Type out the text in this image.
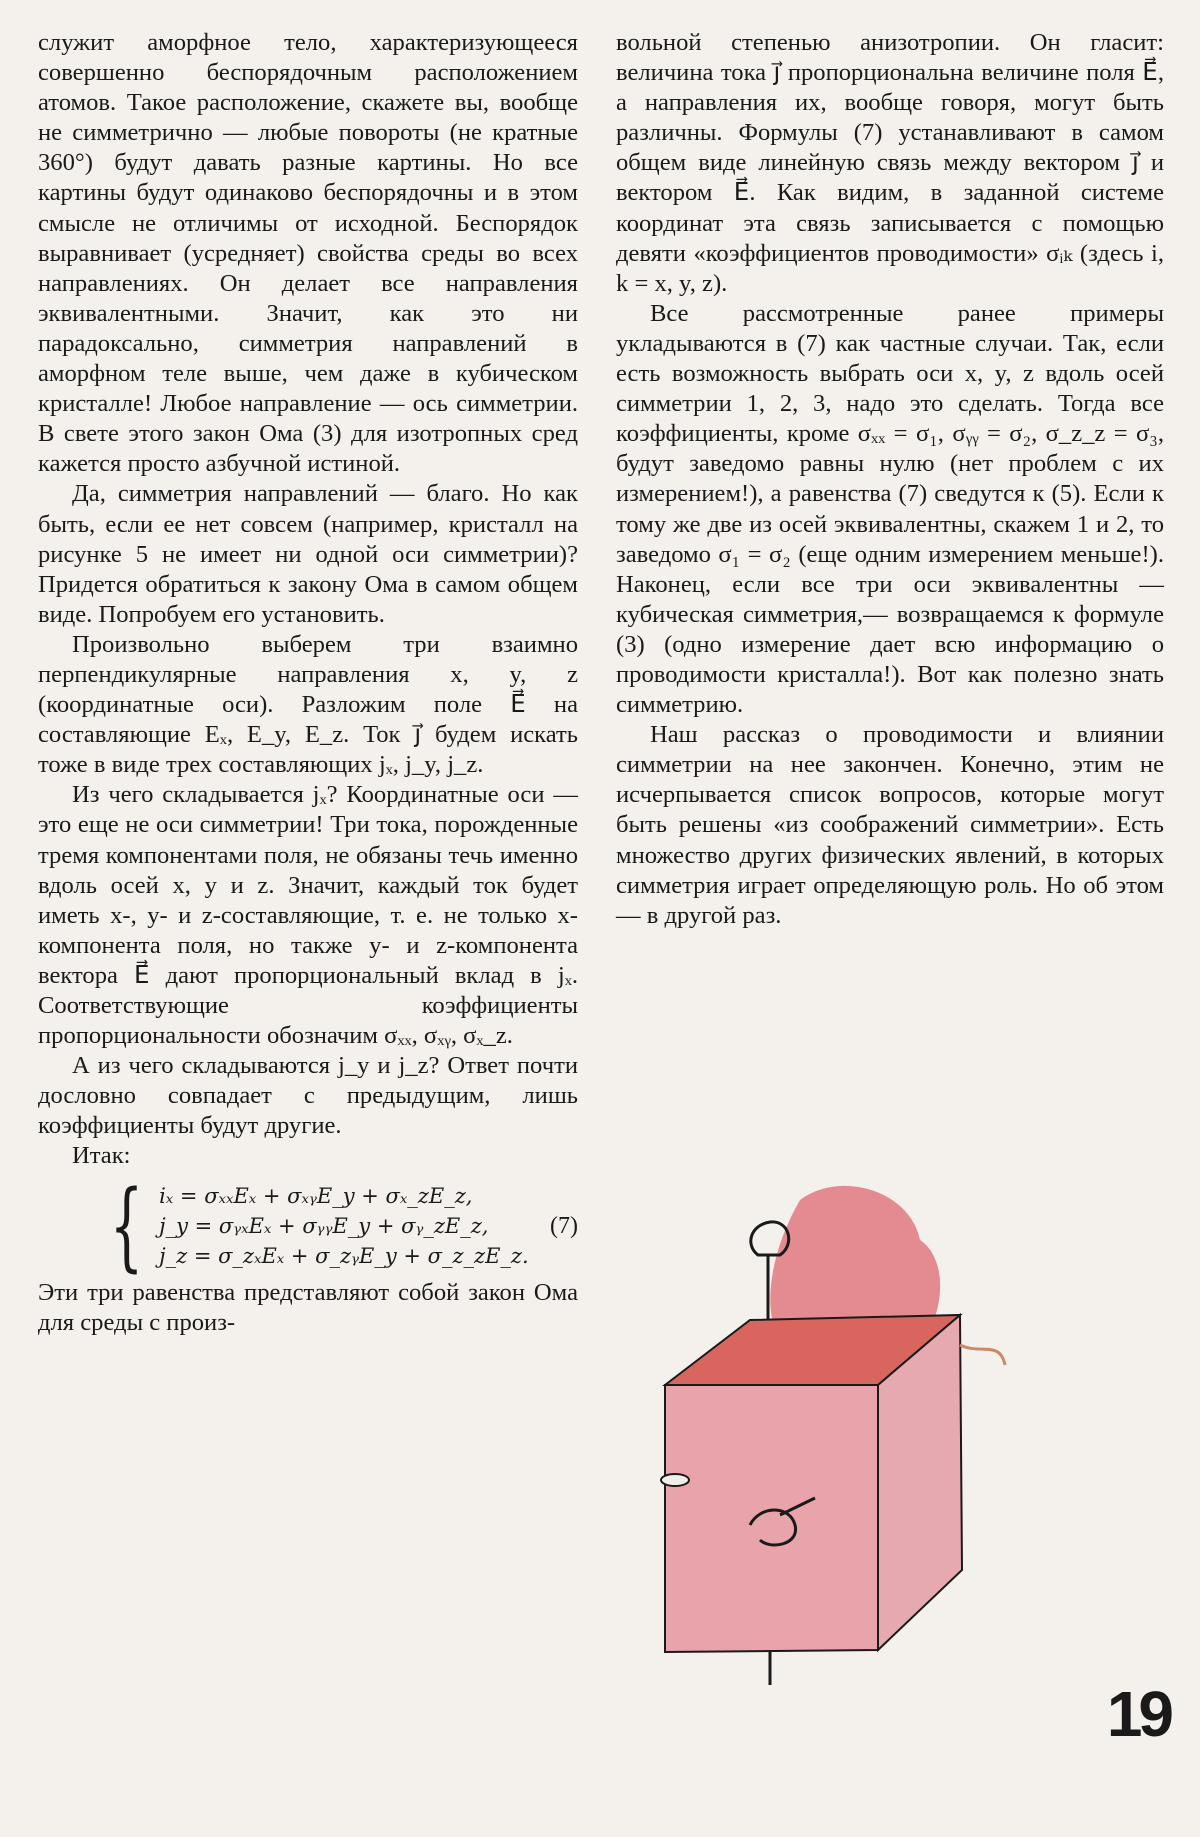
служит аморфное тело, характеризующееся совершенно беспорядочным расположением атомов. Такое расположение, скажете вы, вообще не симметрично — любые повороты (не кратные 360°) будут давать разные картины. Но все картины будут одинаково беспорядочны и в этом смысле не отличимы от исходной. Беспорядок выравнивает (усредняет) свойства среды во всех направлениях. Он делает все направления эквивалентными. Значит, как это ни парадоксально, симметрия направлений в аморфном теле выше, чем даже в кубическом кристалле! Любое направление — ось симметрии. В свете этого закон Ома (3) для изотропных сред кажется просто азбучной истиной.

Да, симметрия направлений — благо. Но как быть, если ее нет совсем (например, кристалл на рисунке 5 не имеет ни одной оси симметрии)? Придется обратиться к закону Ома в самом общем виде. Попробуем его установить.

Произвольно выберем три взаимно перпендикулярные направления x, y, z (координатные оси). Разложим поле E⃗ на составляющие Eₓ, E_y, E_z. Ток j⃗ будем искать тоже в виде трех составляющих jₓ, j_y, j_z.

Из чего складывается jₓ? Координатные оси — это еще не оси симметрии! Три тока, порожденные тремя компонентами поля, не обязаны течь именно вдоль осей x, y и z. Значит, каждый ток будет иметь x-, y- и z-составляющие, т. е. не только x-компонента поля, но также y- и z-компонента вектора E⃗ дают пропорциональный вклад в jₓ. Соответствующие коэффициенты пропорциональности обозначим σₓₓ, σₓᵧ, σₓ_z.

А из чего складываются j_y и j_z? Ответ почти дословно совпадает с предыдущим, лишь коэффициенты будут другие.

Итак:

{ iₓ = σₓₓEₓ + σₓᵧE_y + σₓ_zE_z,
j_y = σᵧₓEₓ + σᵧᵧE_y + σᵧ_zE_z,
j_z = σ_zₓEₓ + σ_zᵧE_y + σ_z_zE_z.
(7)

Эти три равенства представляют собой закон Ома для среды с произ-

вольной степенью анизотропии. Он гласит: величина тока j⃗ пропорциональна величине поля E⃗, а направления их, вообще говоря, могут быть различны. Формулы (7) устанавливают в самом общем виде линейную связь между вектором j⃗ и вектором E⃗. Как видим, в заданной системе координат эта связь записывается с помощью девяти «коэффициентов проводимости» σᵢₖ (здесь i, k = x, y, z).

Все рассмотренные ранее примеры укладываются в (7) как частные случаи. Так, если есть возможность выбрать оси x, y, z вдоль осей симметрии 1, 2, 3, надо это сделать. Тогда все коэффициенты, кроме σₓₓ = σ₁, σᵧᵧ = σ₂, σ_z_z = σ₃, будут заведомо равны нулю (нет проблем с их измерением!), а равенства (7) сведутся к (5). Если к тому же две из осей эквивалентны, скажем 1 и 2, то заведомо σ₁ = σ₂ (еще одним измерением меньше!). Наконец, если все три оси эквивалентны — кубическая симметрия,— возвращаемся к формуле (3) (одно измерение дает всю информацию о проводимости кристалла!). Вот как полезно знать симметрию.

Наш рассказ о проводимости и влиянии симметрии на нее закончен. Конечно, этим не исчерпывается список вопросов, которые могут быть решены «из соображений симметрии». Есть множество других физических явлений, в которых симметрия играет определяющую роль. Но об этом — в другой раз.

19
